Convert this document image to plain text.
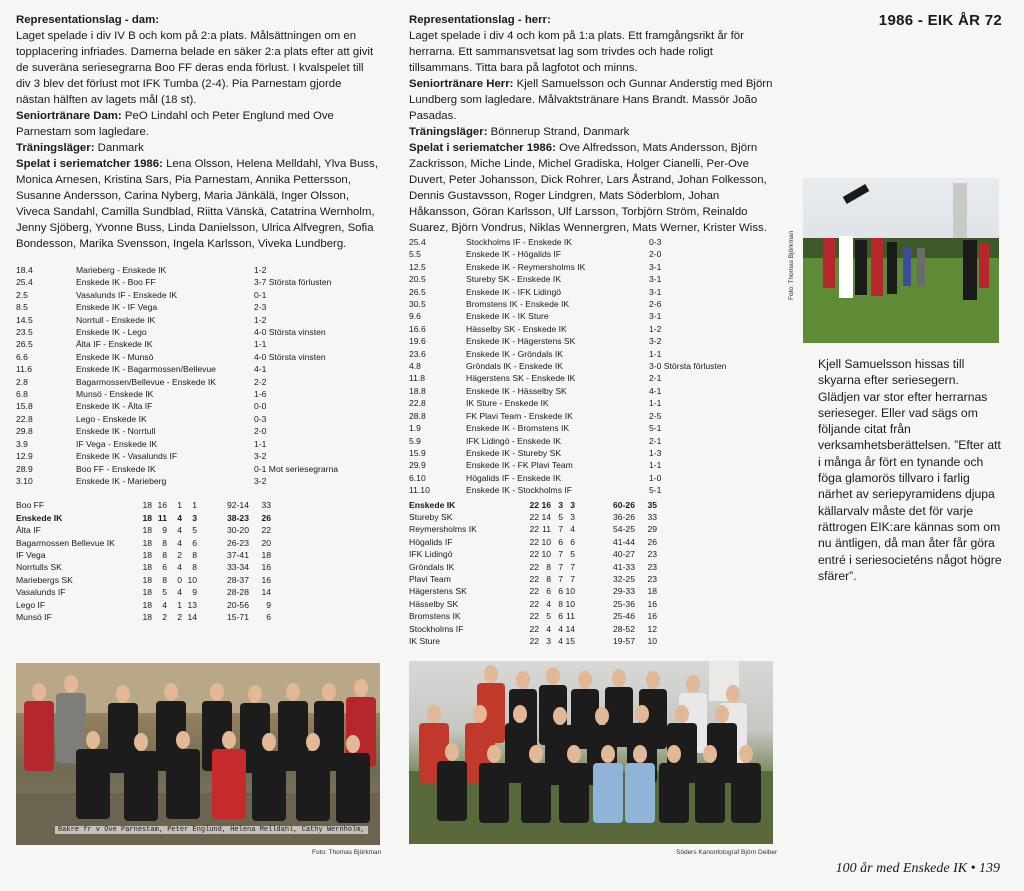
1986 - EIK ÅR 72

Representationslag - dam:

Laget spelade i div IV B och kom på 2:a plats. Målsättningen om en topplacering infriades. Damerna belade en säker 2:a plats efter att givit de suveräna seriesegrarna Boo FF deras enda förlust. I kvalspelet till div 3 blev det förlust mot IFK Tumba (2-4). Pia Parnestam gjorde nästan hälften av lagets mål (18 st).

Seniortränare Dam: PeO Lindahl och Peter Englund med Ove Parnestam som lagledare.

Träningsläger: Danmark

Spelat i seriematcher 1986: Lena Olsson, Helena Melldahl, Ylva Buss, Monica Arnesen, Kristina Sars, Pia Parnestam, Annika Pettersson, Susanne Andersson, Carina Nyberg, Maria Jänkälä, Inger Olsson, Viveca Sandahl, Camilla Sundblad, Riitta Vänskä, Catatrina Wernholm, Jenny Sjöberg, Yvonne Buss, Linda Danielsson, Ulrica Alfvegren, Sofia Bondesson, Marika Svensson, Ingela Karlsson, Viveka Lundberg.

18.4	Marieberg - Enskede IK	1-2
25.4	Enskede IK - Boo FF	3-7 Största förlusten
2.5	Vasalunds IF - Enskede IK	0-1
8.5	Enskede IK - IF Vega	2-3
14.5	Norrtull - Enskede IK	1-2
23.5	Enskede IK - Lego	4-0 Största vinsten
26.5	Älta IF - Enskede IK	1-1
6.6	Enskede IK - Munsö	4-0 Största vinsten
11.6	Enskede IK - Bagarmossen/Bellevue	4-1
2.8	Bagarmossen/Bellevue - Enskede IK	2-2
6.8	Munsö - Enskede IK	1-6
15.8	Enskede IK - Älta IF	0-0
22.8	Lego - Enskede IK	0-3
29.8	Enskede IK - Norrtull	2-0
3.9	IF Vega - Enskede IK	1-1
12.9	Enskede IK - Vasalunds IF	3-2
28.9	Boo FF - Enskede IK	0-1 Mot seriesegrarna
3.10	Enskede IK - Marieberg	3-2
Boo FF	18 16	1	1	92-14	33
Enskede IK	18 11	4	3	38-23	26
Älta IF	18	9	4	5	30-20	22
Bagarmossen Bellevue IK	18	8	4	6	26-23	20
IF Vega	18	8	2	8	37-41	18
Norrtulls SK	18	6	4	8	33-34	16
Mariebergs SK	18	8	0 10	28-37	16
Vasalunds IF	18	5	4	9	28-28	14
Lego IF	18	4	1 13	20-56	9
Munsö IF	18	2	2 14	15-71	6

Representationslag - herr:

Laget spelade i div 4 och kom på 1:a plats. Ett framgångsrikt år för herrarna. Ett sammansvetsat lag som trivdes och hade roligt tillsammans. Titta bara på lagfotot och minns.

Seniortränare Herr: Kjell Samuelsson och Gunnar Anderstig med Björn Lundberg som lagledare. Målvaktstränare Hans Brandt. Massör João Pasadas.

Träningsläger: Bönnerup Strand, Danmark

Spelat i seriematcher 1986: Ove Alfredsson, Mats Andersson, Björn Zackrisson, Miche Linde, Michel Gradiska, Holger Cianelli, Per-Ove Duvert, Peter Johansson, Dick Rohrer, Lars Åstrand, Johan Folkesson, Dennis Gustavsson, Roger Lindgren, Mats Söderblom, Johan Håkansson, Göran Karlsson, Ulf Larsson, Torbjörn Ström, Reinaldo Suarez, Björn Vondrus, Niklas Wennergren, Mats Werner, Krister Wiss.

25.4	Stockholms IF - Enskede IK	0-3
5.5	Enskede IK - Högalids IF	2-0
12.5	Enskede IK - Reymersholms IK	3-1
20.5	Stureby SK - Enskede IK	3-1
26.5	Enskede IK - IFK Lidingö	3-1
30.5	Bromstens IK - Enskede IK	2-6
9.6	Enskede IK - IK Sture	3-1
16.6	Hässelby SK - Enskede IK	1-2
19.6	Enskede IK - Hägerstens SK	3-2
23.6	Enskede IK - Gröndals IK	1-1
4.8	Gröndals IK - Enskede IK	3-0 Största förlusten
11.8	Hägerstens SK - Enskede IK	2-1
18.8	Enskede IK - Hässelby SK	4-1
22.8	IK Sture - Enskede IK	1-1
28.8	FK Plavi Team - Enskede IK	2-5
1.9	Enskede IK - Bromstens IK	5-1
5.9	IFK Lidingö - Enskede IK	2-1
15.9	Enskede IK - Stureby SK	1-3
29.9	Enskede IK - FK Plavi Team	1-1
6.10	Högalids IF - Enskede IK	1-0
11.10	Enskede IK - Stockholms IF	5-1
Enskede IK	22 16 3 3	60-26	35
Stureby SK	22 14 5 3	36-26	33
Reymersholms IK	22 11 7 4	54-25	29
Högalids IF	22 10 6 6	41-44	26
IFK Lidingö	22 10 7 5	40-27	23
Gröndals IK	22 8 7 7	41-33	23
Plavi Team	22 8 7 7	32-25	23
Hägerstens SK	22 6 6 10	29-33	18
Hässelby SK	22 4 8 10	25-36	16
Bromstens IK	22 5 6 11	25-46	16
Stockholms IF	22 4 4 14	28-52	12
IK Sture	22 3 4 15	19-57	10
Foto: Thomas Björkman
Kjell Samuelsson hissas till skyarna efter seriesegern. Glädjen var stor efter herrarnas serieseger. Eller vad sägs om följande citat från verksamhetsberättelsen. ”Efter att i många år fört en tynande och föga glamorös tillvaro i farlig närhet av seriepyramidens djupa källarvalv måste det för varje rättrogen EIK:are kännas som om nu äntligen, då man åter får göra entré i seriesocieténs något högre sfärer”.
Bakre fr v Ove Parnestam, Peter Englund, Helena Melldahl, Cathy Wernholm,
Foto: Thomas Björkman	Söders Kanonfotograf Björn Deiber
100 år med Enskede IK • 139
